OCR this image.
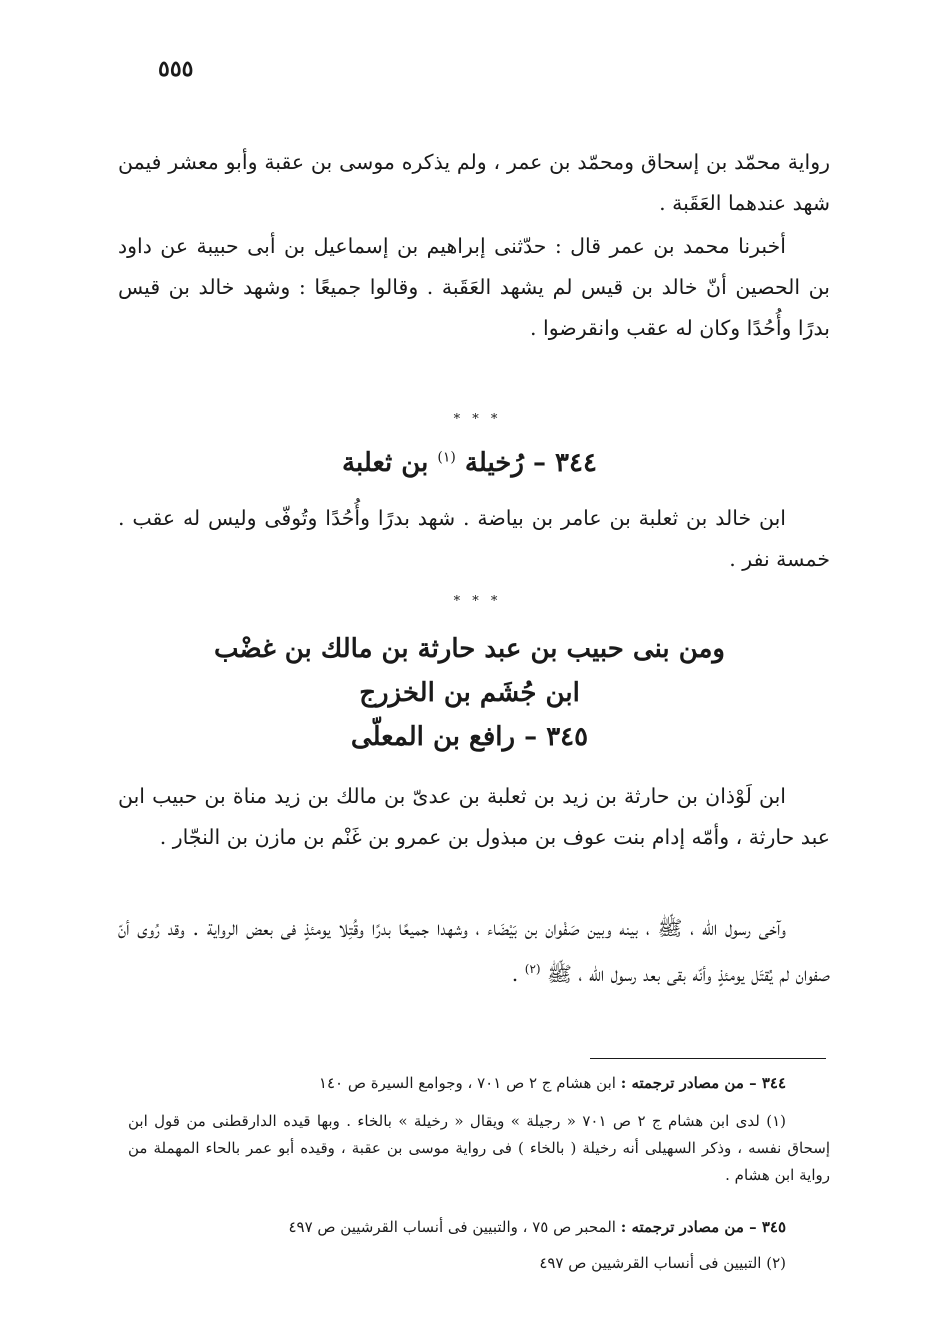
٥٥٥

رواية محمّد بن إسحاق ومحمّد بن عمر ، ولم يذكره موسى بن عقبة وأبو معشر فيمن شهد عندهما العَقَبة .

أخبرنا محمد بن عمر قال : حدّثنى إبراهيم بن إسماعيل بن أبى حبيبة عن داود بن الحصين أنّ خالد بن قيس لم يشهد العَقَبة . وقالوا جميعًا : وشهد خالد بن قيس بدرًا وأُحُدًا وكان له عقب وانقرضوا .

* * *
٣٤٤ – رُخيلة $^{(١)}$ بن ثعلبة

ابن خالد بن ثعلبة بن عامر بن بياضة . شهد بدرًا وأُحُدًا وتُوفّى وليس له عقب . خمسة نفر .

* * *
ومن بنى حبيب بن عبد حارثة بن مالك بن غضْب
ابن جُشَم بن الخزرج
٣٤٥ – رافع بن المعلّى

ابن لَوْذان بن حارثة بن زيد بن ثعلبة بن عدىّ بن مالك بن زيد مناة بن حبيب ابن عبد حارثة ، وأمّه إدام بنت عوف بن مبذول بن عمرو بن غَنْم بن مازن بن النجّار .

وآخى رسول الله ، ﷺ ، بينه وبين صَفْوان بن بَيْضَاء ، وشهدا جميعًا بدرًا وقُتِلا يومئذٍ فى بعض الرواية . وقد رُوى أنّ صفوان لم يُقتَل يومئذٍ وأنّه بقى بعد رسول الله ، ﷺ $^{(٢)}$ .

٣٤٤ – من مصادر ترجمته : ابن هشام ج ٢ ص ٧٠١ ، وجوامع السيرة ص ١٤٠

(١) لدى ابن هشام ج ٢ ص ٧٠١ « رجيلة » ويقال « رخيلة » بالخاء . وبها قيده الدارقطنى من قول ابن إسحاق نفسه ، وذكر السهيلى أنه رخيلة ( بالخاء ) فى رواية موسى بن عقبة ، وقيده أبو عمر بالحاء المهملة من رواية ابن هشام .

٣٤٥ – من مصادر ترجمته : المحبر ص ٧٥ ، والتبيين فى أنساب القرشيين ص ٤٩٧

(٢) التبيين فى أنساب القرشيين ص ٤٩٧
